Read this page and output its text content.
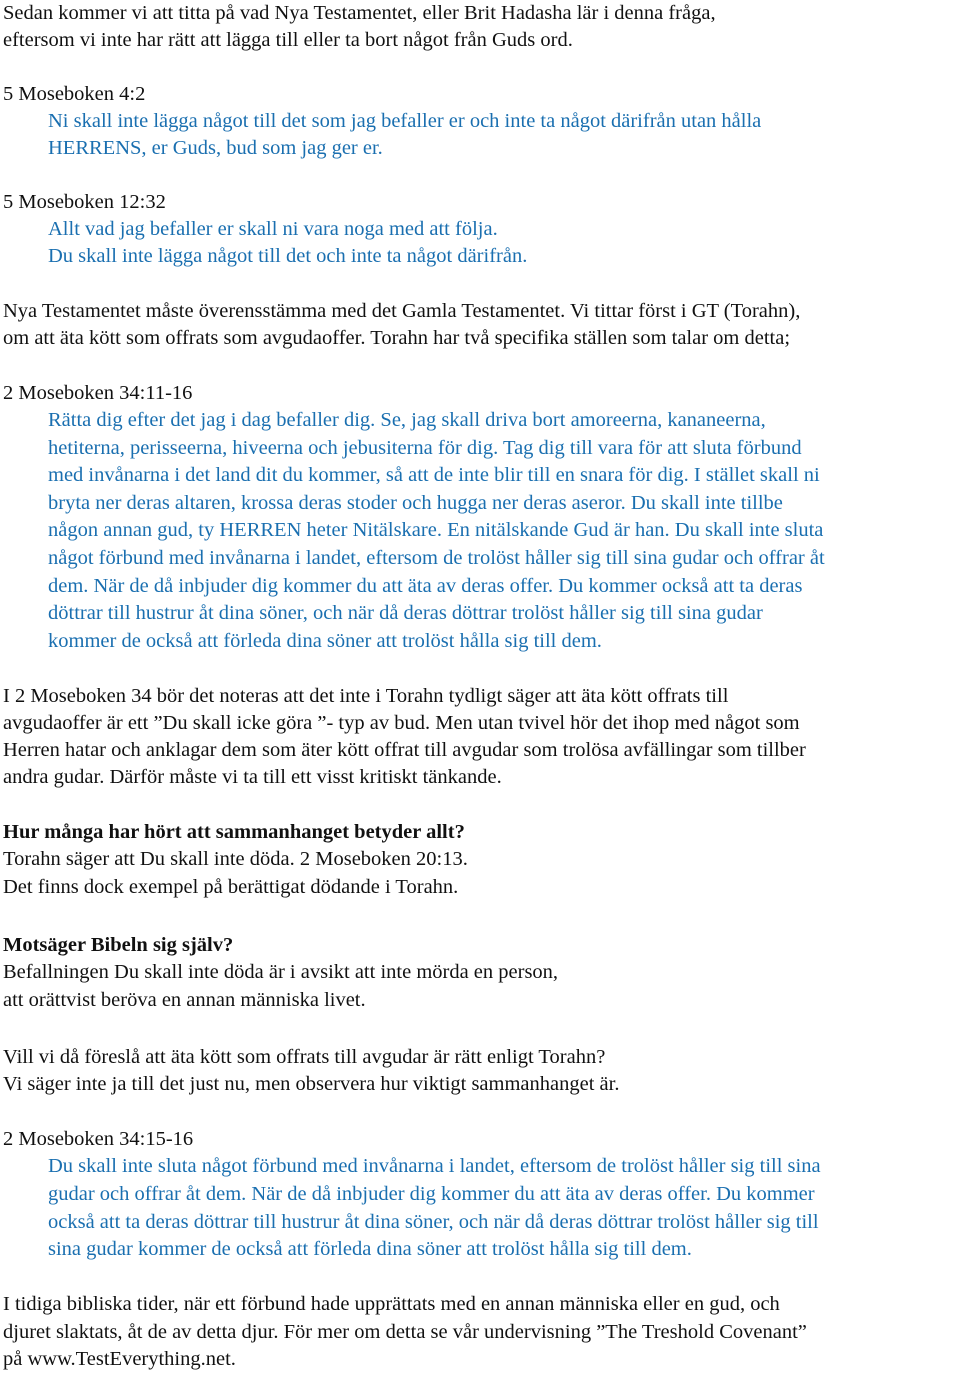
Sedan kommer vi att titta på vad Nya Testamentet, eller Brit Hadasha lär i denna fråga,
eftersom vi inte har rätt att lägga till eller ta bort något från Guds ord.
5 Moseboken 4:2
Ni skall inte lägga något till det som jag befaller er och inte ta något därifrån utan hålla
HERRENS, er Guds, bud som jag ger er.
5 Moseboken 12:32
Allt vad jag befaller er skall ni vara noga med att följa.
Du skall inte lägga något till det och inte ta något därifrån.
Nya Testamentet måste överensstämma med det Gamla Testamentet. Vi tittar först i GT (Torahn),
om att äta kött som offrats som avgudaoffer. Torahn har två specifika ställen som talar om detta;
2 Moseboken 34:11-16
Rätta dig efter det jag i dag befaller dig. Se, jag skall driva bort amoreerna, kananeerna,
hetiterna, perisseerna, hiveerna och jebusiterna för dig. Tag dig till vara för att sluta förbund
med invånarna i det land dit du kommer, så att de inte blir till en snara för dig. I stället skall ni
bryta ner deras altaren, krossa deras stoder och hugga ner deras aseror. Du skall inte tillbe
någon annan gud, ty HERREN heter Nitälskare. En nitälskande Gud är han. Du skall inte sluta
något förbund med invånarna i landet, eftersom de trolöst håller sig till sina gudar och offrar åt
dem. När de då inbjuder dig kommer du att äta av deras offer. Du kommer också att ta deras
döttrar till hustrur åt dina söner, och när då deras döttrar trolöst håller sig till sina gudar
kommer de också att förleda dina söner att trolöst hålla sig till dem.
I 2 Moseboken 34 bör det noteras att det inte i Torahn tydligt säger att äta kött offrats till
avgudaoffer är ett ”Du skall icke göra ”- typ av bud. Men utan tvivel hör det ihop med något som
Herren hatar och anklagar dem som äter kött offrat till avgudar som trolösa avfällingar som tillber
andra gudar. Därför måste vi ta till ett visst kritiskt tänkande.
Hur många har hört att sammanhanget betyder allt?
Torahn säger att Du skall inte döda. 2 Moseboken 20:13.
Det finns dock exempel på berättigat dödande i Torahn.
Motsäger Bibeln sig själv?
Befallningen Du skall inte döda är i avsikt att inte mörda en person,
att orättvist beröva en annan människa livet.
Vill vi då föreslå att äta kött som offrats till avgudar är rätt enligt Torahn?
Vi säger inte ja till det just nu, men observera hur viktigt sammanhanget är.
2 Moseboken 34:15-16
Du skall inte sluta något förbund med invånarna i landet, eftersom de trolöst håller sig till sina
gudar och offrar åt dem. När de då inbjuder dig kommer du att äta av deras offer. Du kommer
också att ta deras döttrar till hustrur åt dina söner, och när då deras döttrar trolöst håller sig till
sina gudar kommer de också att förleda dina söner att trolöst hålla sig till dem.
I tidiga bibliska tider, när ett förbund hade upprättats med en annan människa eller en gud, och
djuret slaktats, åt de av detta djur. För mer om detta se vår undervisning ”The Treshold Covenant”
på www.TestEverything.net.
